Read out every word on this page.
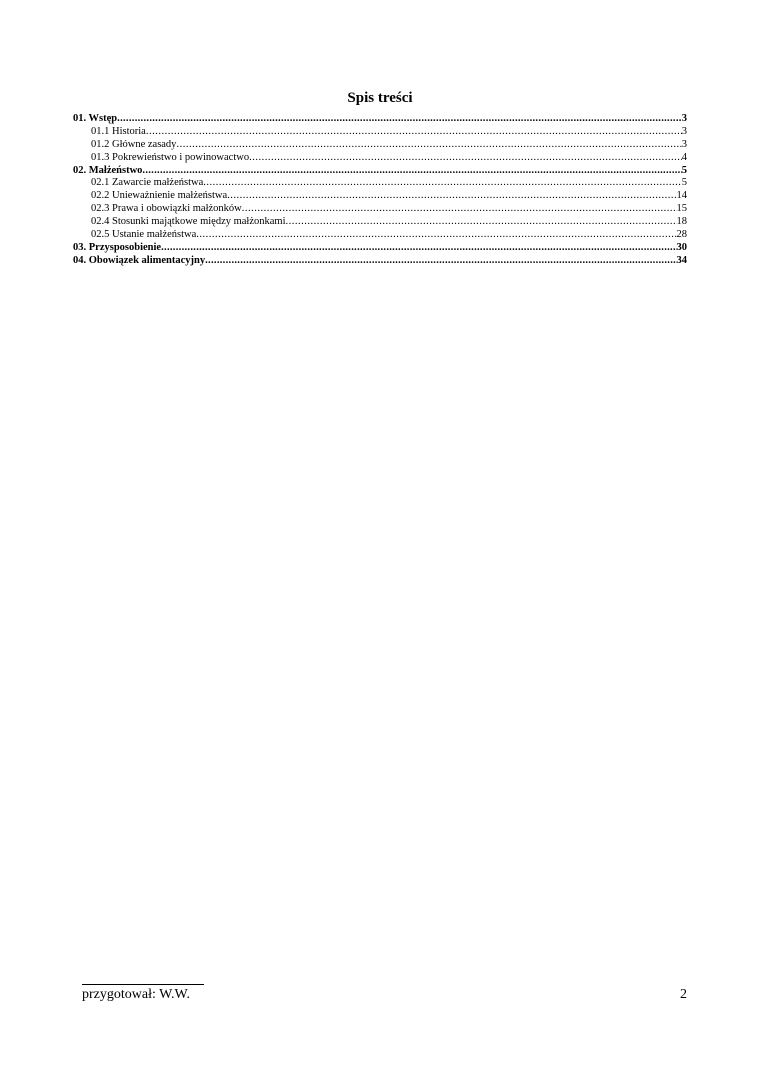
Spis treści
01. Wstęp .....	3
01.1 Historia .....	3
01.2 Główne zasady .....	3
01.3 Pokrewieństwo i powinowactwo .....	4
02. Małżeństwo .....	5
02.1 Zawarcie małżeństwa .....	5
02.2 Unieważnienie małżeństwa .....	14
02.3 Prawa i obowiązki małżonków .....	15
02.4 Stosunki majątkowe między małżonkami .....	18
02.5 Ustanie małżeństwa .....	28
03. Przysposobienie .....	30
04. Obowiązek alimentacyjny .....	34
przygotował: W.W.	2
